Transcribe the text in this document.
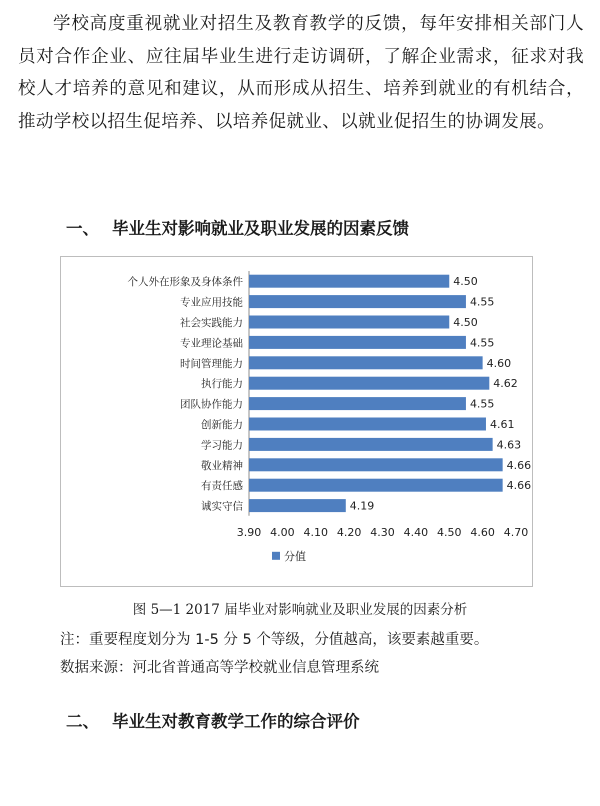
学校高度重视就业对招生及教育教学的反馈，每年安排相关部门人员对合作企业、应往届毕业生进行走访调研，了解企业需求，征求对我校人才培养的意见和建议，从而形成从招生、培养到就业的有机结合，推动学校以招生促培养、以培养促就业、以就业促招生的协调发展。

一、 毕业生对影响就业及职业发展的因素反馈
个人外在形象及身体条件	4.50
专业应用技能	4.55
社会实践能力	4.50
专业理论基础	4.55
时间管理能力	4.60
执行能力	4.62
团队协作能力	4.55
创新能力	4.61
学习能力	4.63
敬业精神	4.66
有责任感	4.66
诚实守信	4.19
3.90 4.00 4.10 4.20 4.30 4.40 4.50 4.60 4.70
分值
图 5—1 2017 届毕业对影响就业及职业发展的因素分析
注：重要程度划分为 1-5 分 5 个等级，分值越高，该要素越重要。
数据来源：河北省普通高等学校就业信息管理系统
二、 毕业生对教育教学工作的综合评价
